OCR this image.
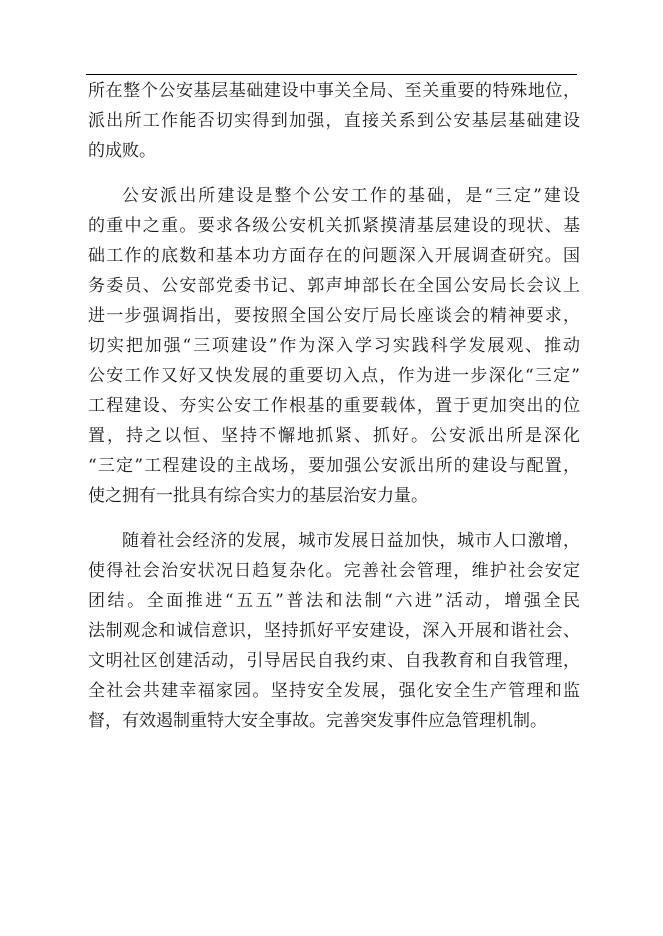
所在整个公安基层基础建设中事关全局、至关重要的特殊地位，
派出所工作能否切实得到加强，直接关系到公安基层基础建设
的成败。
公安派出所建设是整个公安工作的基础，是“三定”建设
的重中之重。要求各级公安机关抓紧摸清基层建设的现状、基
础工作的底数和基本功方面存在的问题深入开展调查研究。国
务委员、公安部党委书记、郭声坤部长在全国公安局长会议上
进一步强调指出，要按照全国公安厅局长座谈会的精神要求，
切实把加强“三项建设”作为深入学习实践科学发展观、推动
公安工作又好又快发展的重要切入点，作为进一步深化“三定”
工程建设、夯实公安工作根基的重要载体，置于更加突出的位
置，持之以恒、坚持不懈地抓紧、抓好。公安派出所是深化
“三定”工程建设的主战场，要加强公安派出所的建设与配置，
使之拥有一批具有综合实力的基层治安力量。
随着社会经济的发展，城市发展日益加快，城市人口激增，
使得社会治安状况日趋复杂化。完善社会管理，维护社会安定
团结。全面推进“五五”普法和法制“六进”活动，增强全民
法制观念和诚信意识，坚持抓好平安建设，深入开展和谐社会、
文明社区创建活动，引导居民自我约束、自我教育和自我管理，
全社会共建幸福家园。坚持安全发展，强化安全生产管理和监
督，有效遏制重特大安全事故。完善突发事件应急管理机制。
